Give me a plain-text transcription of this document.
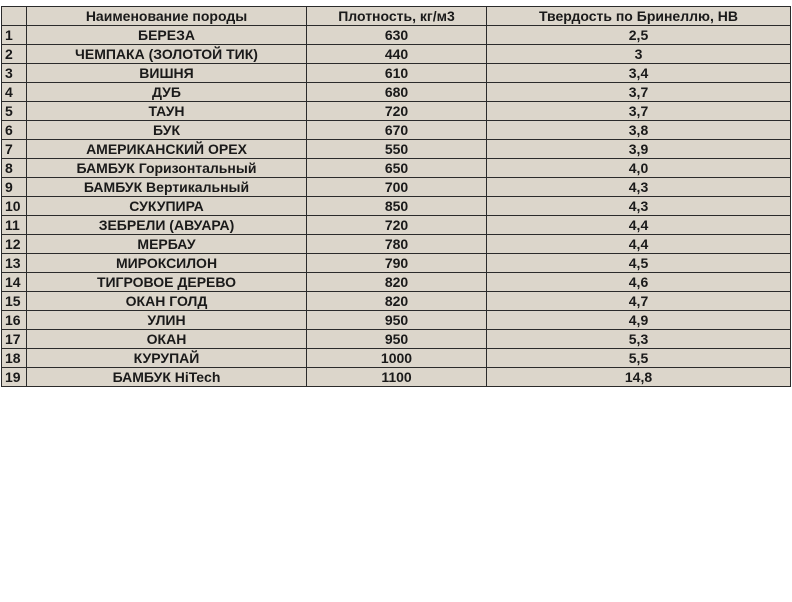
	Наименование породы	Плотность, кг/м3	Твердость по Бринеллю, НВ
1	БЕРЕЗА	630	2,5
2	ЧЕМПАКА (ЗОЛОТОЙ ТИК)	440	3
3	ВИШНЯ	610	3,4
4	ДУБ	680	3,7
5	ТАУН	720	3,7
6	БУК	670	3,8
7	АМЕРИКАНСКИЙ ОРЕХ	550	3,9
8	БАМБУК Горизонтальный	650	4,0
9	БАМБУК Вертикальный	700	4,3
10	СУКУПИРА	850	4,3
11	ЗЕБРЕЛИ (АВУАРА)	720	4,4
12	МЕРБАУ	780	4,4
13	МИРОКСИЛОН	790	4,5
14	ТИГРОВОЕ ДЕРЕВО	820	4,6
15	ОКАН ГОЛД	820	4,7
16	УЛИН	950	4,9
17	ОКАН	950	5,3
18	КУРУПАЙ	1000	5,5
19	БАМБУК HiTech	1100	14,8
